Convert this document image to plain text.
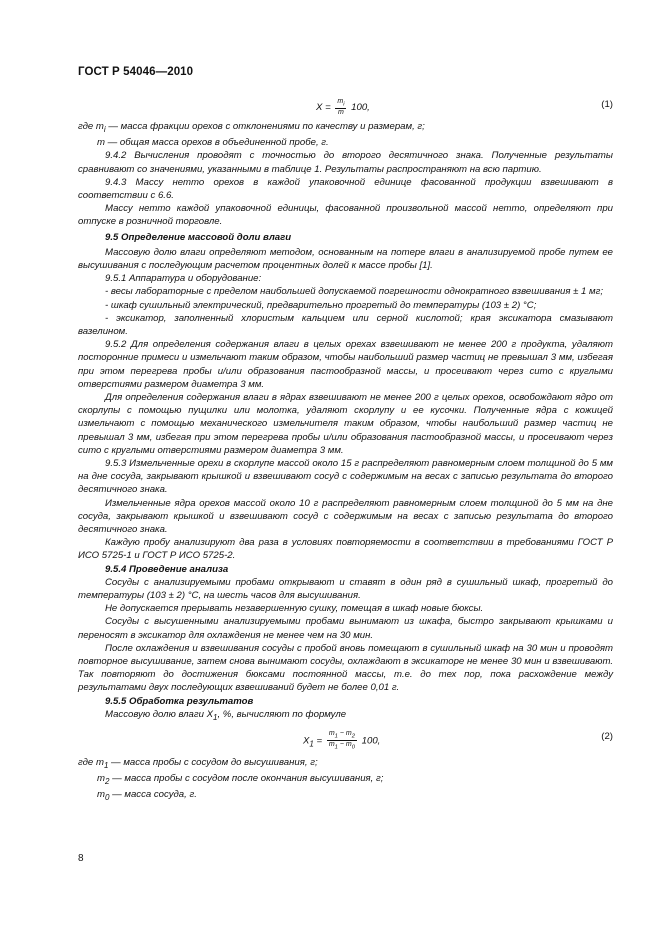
ГОСТ Р 54046—2010
$X = \frac{m_i}{m} 100$,	(1)

где $m_i$ — масса фракции орехов с отклонениями по качеству и размерам, г;

m — общая масса орехов в объединенной пробе, г.

9.4.2 Вычисления проводят с точностью до второго десятичного знака. Полученные результаты сравнивают со значениями, указанными в таблице 1. Результаты распространяют на всю партию.

9.4.3 Массу нетто орехов в каждой упаковочной единице фасованной продукции взвешивают в соответствии с 6.6.

Массу нетто каждой упаковочной единицы, фасованной произвольной массой нетто, определяют при отпуске в розничной торговле.

9.5 Определение массовой доли влаги

Массовую долю влаги определяют методом, основанным на потере влаги в анализируемой пробе путем ее высушивания с последующим расчетом процентных долей к массе пробы [1].

9.5.1 Аппаратура и оборудование:

- весы лабораторные с пределом наибольшей допускаемой погрешности однократного взвешивания ± 1 мг;

- шкаф сушильный электрический, предварительно прогретый до температуры (103 ± 2) °С;

- эксикатор, заполненный хлористым кальцием или серной кислотой; края эксикатора смазывают вазелином.

9.5.2 Для определения содержания влаги в целых орехах взвешивают не менее 200 г продукта, удаляют посторонние примеси и измельчают таким образом, чтобы наибольший размер частиц не превышал 3 мм, избегая при этом перегрева пробы и/или образования пастообразной массы, и просеивают через сито с круглыми отверстиями размером диаметра 3 мм.

Для определения содержания влаги в ядрах взвешивают не менее 200 г целых орехов, освобождают ядро от скорлупы с помощью пущилки или молотка, удаляют скорлупу и ее кусочки. Полученные ядра с кожицей измельчают с помощью механического измельчителя таким образом, чтобы наибольший размер частиц не превышал 3 мм, избегая при этом перегрева пробы и/или образования пастообразной массы, и просеивают через сито с круглыми отверстиями размером диаметра 3 мм.

9.5.3 Измельченные орехи в скорлупе массой около 15 г распределяют равномерным слоем толщиной до 5 мм на дне сосуда, закрывают крышкой и взвешивают сосуд с содержимым на весах с записью результата до второго десятичного знака.

Измельченные ядра орехов массой около 10 г распределяют равномерным слоем толщиной до 5 мм на дне сосуда, закрывают крышкой и взвешивают сосуд с содержимым на весах с записью результата до второго десятичного знака.

Каждую пробу анализируют два раза в условиях повторяемости в соответствии в требованиями ГОСТ Р ИСО 5725-1 и ГОСТ Р ИСО 5725-2.

9.5.4 Проведение анализа

Сосуды с анализируемыми пробами открывают и ставят в один ряд в сушильный шкаф, прогретый до температуры (103 ± 2) °С, на шесть часов для высушивания.

Не допускается прерывать незавершенную сушку, помещая в шкаф новые бюксы.

Сосуды с высушенными анализируемыми пробами вынимают из шкафа, быстро закрывают крышками и переносят в эксикатор для охлаждения не менее чем на 30 мин.

После охлаждения и взвешивания сосуды с пробой вновь помещают в сушильный шкаф на 30 мин и проводят повторное высушивание, затем снова вынимают сосуды, охлаждают в эксикаторе не менее 30 мин и взвешивают. Так повторяют до достижения бюксами постоянной массы, т.е. до тех пор, пока расхождение между результатами двух последующих взвешиваний будет не более 0,01 г.

9.5.5 Обработка результатов

Массовую долю влаги $X_1$, %, вычисляют по формуле

$X_1 = \frac{m_1 - m_2}{m_1 - m_0} 100$,	(2)

где $m_1$ — масса пробы с сосудом до высушивания, г;

$m_2$ — масса пробы с сосудом после окончания высушивания, г;

$m_0$ — масса сосуда, г.

8
